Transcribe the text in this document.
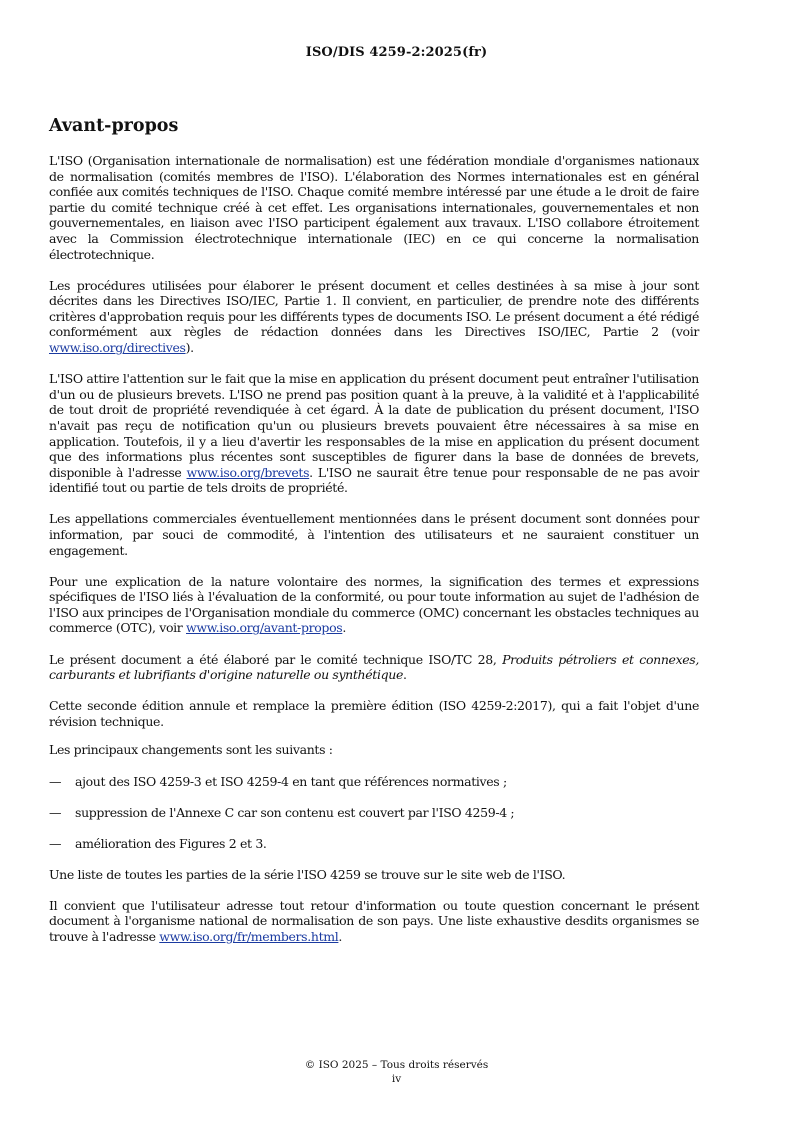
ISO/DIS 4259-2:2025(fr)
Avant-propos

L'ISO (Organisation internationale de normalisation) est une fédération mondiale d'organismes nationaux de normalisation (comités membres de l'ISO). L'élaboration des Normes internationales est en général confiée aux comités techniques de l'ISO. Chaque comité membre intéressé par une étude a le droit de faire partie du comité technique créé à cet effet. Les organisations internationales, gouvernementales et non gouvernementales, en liaison avec l'ISO participent également aux travaux. L'ISO collabore étroitement avec la Commission électrotechnique internationale (IEC) en ce qui concerne la normalisation électrotechnique.

Les procédures utilisées pour élaborer le présent document et celles destinées à sa mise à jour sont décrites dans les Directives ISO/IEC, Partie 1. Il convient, en particulier, de prendre note des différents critères d'approbation requis pour les différents types de documents ISO. Le présent document a été rédigé conformément aux règles de rédaction données dans les Directives ISO/IEC, Partie 2 (voir www.iso.org/directives).

L'ISO attire l'attention sur le fait que la mise en application du présent document peut entraîner l'utilisation d'un ou de plusieurs brevets. L'ISO ne prend pas position quant à la preuve, à la validité et à l'applicabilité de tout droit de propriété revendiquée à cet égard. À la date de publication du présent document, l'ISO n'avait pas reçu de notification qu'un ou plusieurs brevets pouvaient être nécessaires à sa mise en application. Toutefois, il y a lieu d'avertir les responsables de la mise en application du présent document que des informations plus récentes sont susceptibles de figurer dans la base de données de brevets, disponible à l'adresse www.iso.org/brevets. L'ISO ne saurait être tenue pour responsable de ne pas avoir identifié tout ou partie de tels droits de propriété.

Les appellations commerciales éventuellement mentionnées dans le présent document sont données pour information, par souci de commodité, à l'intention des utilisateurs et ne sauraient constituer un engagement.

Pour une explication de la nature volontaire des normes, la signification des termes et expressions spécifiques de l'ISO liés à l'évaluation de la conformité, ou pour toute information au sujet de l'adhésion de l'ISO aux principes de l'Organisation mondiale du commerce (OMC) concernant les obstacles techniques au commerce (OTC), voir www.iso.org/avant-propos.

Le présent document a été élaboré par le comité technique ISO/TC 28, Produits pétroliers et connexes, carburants et lubrifiants d'origine naturelle ou synthétique.

Cette seconde édition annule et remplace la première édition (ISO 4259-2:2017), qui a fait l'objet d'une révision technique.

Les principaux changements sont les suivants :

—	ajout des ISO 4259-3 et ISO 4259-4 en tant que références normatives ;
—	suppression de l'Annexe C car son contenu est couvert par l'ISO 4259-4 ;
—	amélioration des Figures 2 et 3.

Une liste de toutes les parties de la série l'ISO 4259 se trouve sur le site web de l'ISO.

Il convient que l'utilisateur adresse tout retour d'information ou toute question concernant le présent document à l'organisme national de normalisation de son pays. Une liste exhaustive desdits organismes se trouve à l'adresse www.iso.org/fr/members.html.

© ISO 2025 – Tous droits réservés
iv
